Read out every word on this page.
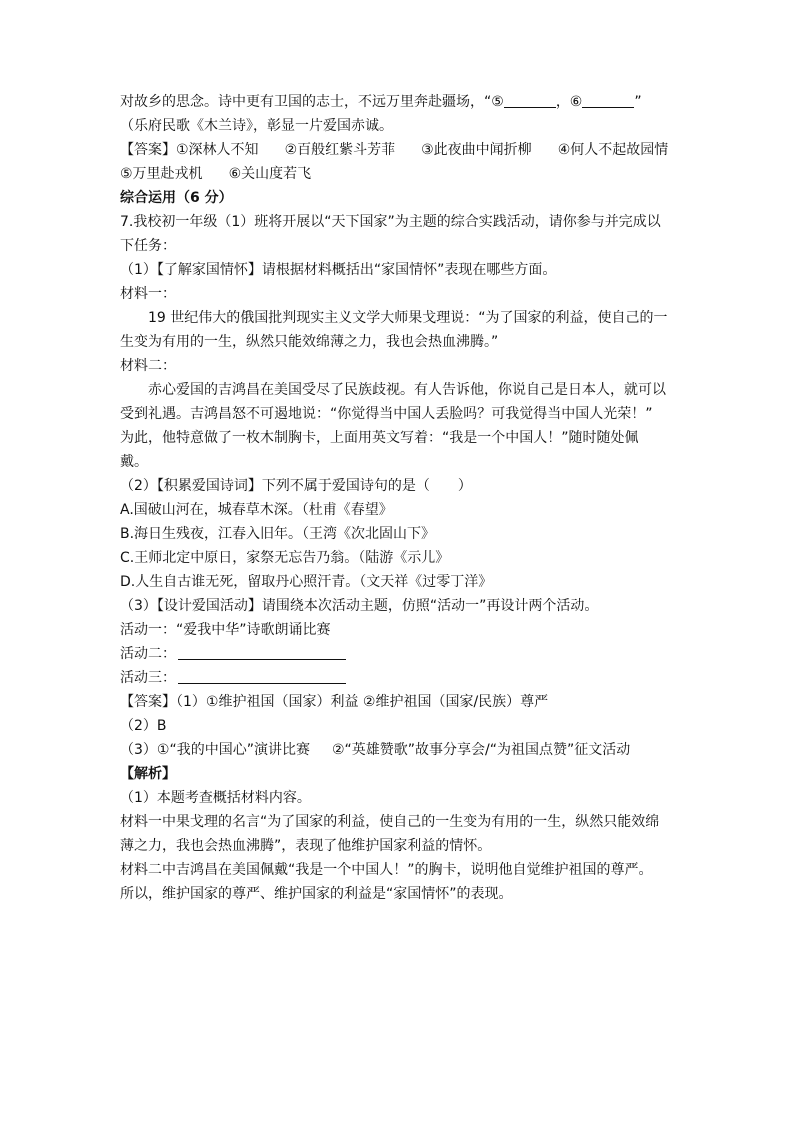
对故乡的思念。诗中更有卫国的志士，不远万里奔赴疆场，“⑤	，⑥	”
（乐府民歌《木兰诗》，彰显一片爱国赤诚。
【答案】①深林人不知 ②百般红紫斗芳菲 ③此夜曲中闻折柳 ④何人不起故园情
⑤万里赴戎机 ⑥关山度若飞
综合运用（6 分）
7.我校初一年级（1）班将开展以“天下国家”为主题的综合实践活动，请你参与并完成以
下任务：
（1）【了解家国情怀】请根据材料概括出“家国情怀”表现在哪些方面。
材料一：
19 世纪伟大的俄国批判现实主义文学大师果戈理说：“为了国家的利益，使自己的一
生变为有用的一生，纵然只能效绵薄之力，我也会热血沸腾。”
材料二：
赤心爱国的吉鸿昌在美国受尽了民族歧视。有人告诉他，你说自己是日本人，就可以
受到礼遇。吉鸿昌怒不可遏地说：“你觉得当中国人丢脸吗？可我觉得当中国人光荣！”
为此，他特意做了一枚木制胸卡，上面用英文写着：“我是一个中国人！”随时随处佩
戴。
（2）【积累爱国诗词】下列不属于爱国诗句的是（　　）
A.国破山河在，城春草木深。（杜甫《春望》
B.海日生残夜，江春入旧年。（王湾《次北固山下》
C.王师北定中原日，家祭无忘告乃翁。（陆游《示儿》
D.人生自古谁无死，留取丹心照汗青。（文天祥《过零丁洋》
（3）【设计爱国活动】请围绕本次活动主题，仿照“活动一”再设计两个活动。
活动一：“爱我中华”诗歌朗诵比赛
活动二：
活动三：
【答案】（1）①维护祖国（国家）利益 ②维护祖国（国家/民族）尊严
（2）B
（3）①“我的中国心”演讲比赛 ②“英雄赞歌”故事分享会/“为祖国点赞”征文活动
【解析】
（1）本题考查概括材料内容。
材料一中果戈理的名言“为了国家的利益，使自己的一生变为有用的一生，纵然只能效绵
薄之力，我也会热血沸腾”，表现了他维护国家利益的情怀。
材料二中吉鸿昌在美国佩戴“我是一个中国人！”的胸卡，说明他自觉维护祖国的尊严。
所以，维护国家的尊严、维护国家的利益是“家国情怀”的表现。
